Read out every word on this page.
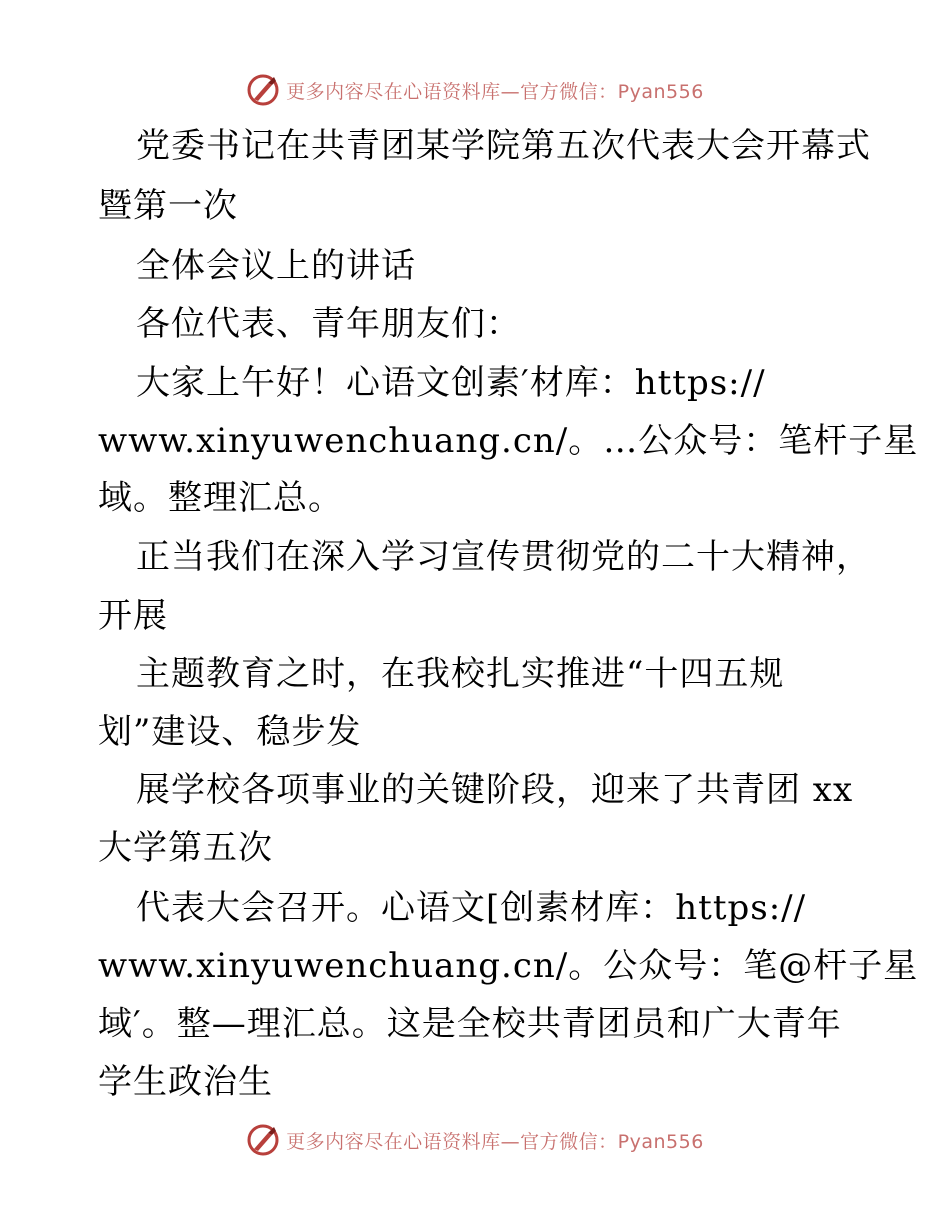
更多内容尽在心语资料库—官方微信：Pyan556
党委书记在共青团某学院第五次代表大会开幕式
暨第一次
全体会议上的讲话
各位代表、青年朋友们：
大家上午好！心语文创素′材库：https://
www.xinyuwenchuang.cn/。…公众号：笔杆子星
域。整理汇总。
正当我们在深入学习宣传贯彻党的二十大精神，
开展
主题教育之时，在我校扎实推进“十四五规
划”建设、稳步发
展学校各项事业的关键阶段，迎来了共青团 xx
大学第五次
代表大会召开。心语文[创素材库：https://
www.xinyuwenchuang.cn/。公众号：笔@杆子星
域′。整—理汇总。这是全校共青团员和广大青年
学生政治生
更多内容尽在心语资料库—官方微信：Pyan556
